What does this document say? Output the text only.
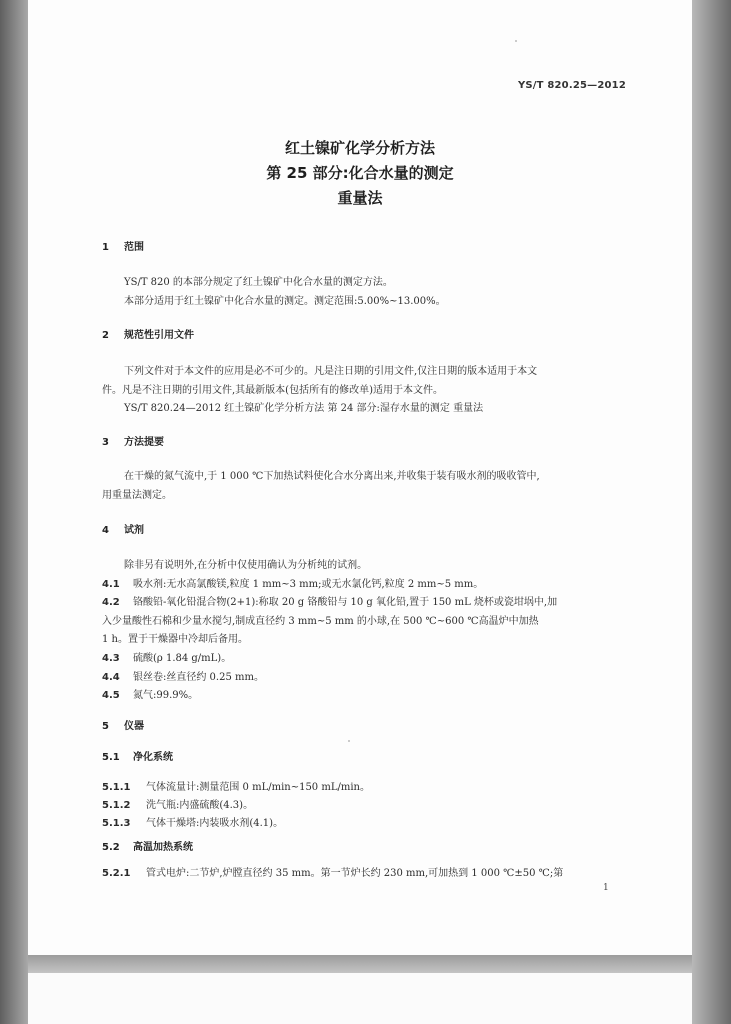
YS/T 820.25—2012
红土镍矿化学分析方法
第 25 部分:化合水量的测定
重量法
1 范围
YS/T 820 的本部分规定了红土镍矿中化合水量的测定方法。
本部分适用于红土镍矿中化合水量的测定。测定范围:5.00%~13.00%。
2 规范性引用文件
下列文件对于本文件的应用是必不可少的。凡是注日期的引用文件,仅注日期的版本适用于本文
件。凡是不注日期的引用文件,其最新版本(包括所有的修改单)适用于本文件。
YS/T 820.24—2012 红土镍矿化学分析方法 第 24 部分:湿存水量的测定 重量法
3 方法提要
在干燥的氮气流中,于 1 000 ℃下加热试料使化合水分离出来,并收集于装有吸水剂的吸收管中,
用重量法测定。
4 试剂
除非另有说明外,在分析中仅使用确认为分析纯的试剂。
4.1 吸水剂:无水高氯酸镁,粒度 1 mm~3 mm;或无水氯化钙,粒度 2 mm~5 mm。
4.2 铬酸铅-氧化铅混合物(2+1):称取 20 g 铬酸铅与 10 g 氧化铅,置于 150 mL 烧杯或瓷坩埚中,加
入少量酸性石棉和少量水搅匀,制成直径约 3 mm~5 mm 的小球,在 500 ℃~600 ℃高温炉中加热
1 h。置于干燥器中冷却后备用。
4.3 硫酸(ρ 1.84 g/mL)。
4.4 银丝卷:丝直径约 0.25 mm。
4.5 氮气:99.9%。
5 仪器
5.1 净化系统
5.1.1 气体流量计:测量范围 0 mL/min~150 mL/min。
5.1.2 洗气瓶:内盛硫酸(4.3)。
5.1.3 气体干燥塔:内装吸水剂(4.1)。
5.2 高温加热系统
5.2.1 管式电炉:二节炉,炉膛直径约 35 mm。第一节炉长约 230 mm,可加热到 1 000 ℃±50 ℃;第
1
